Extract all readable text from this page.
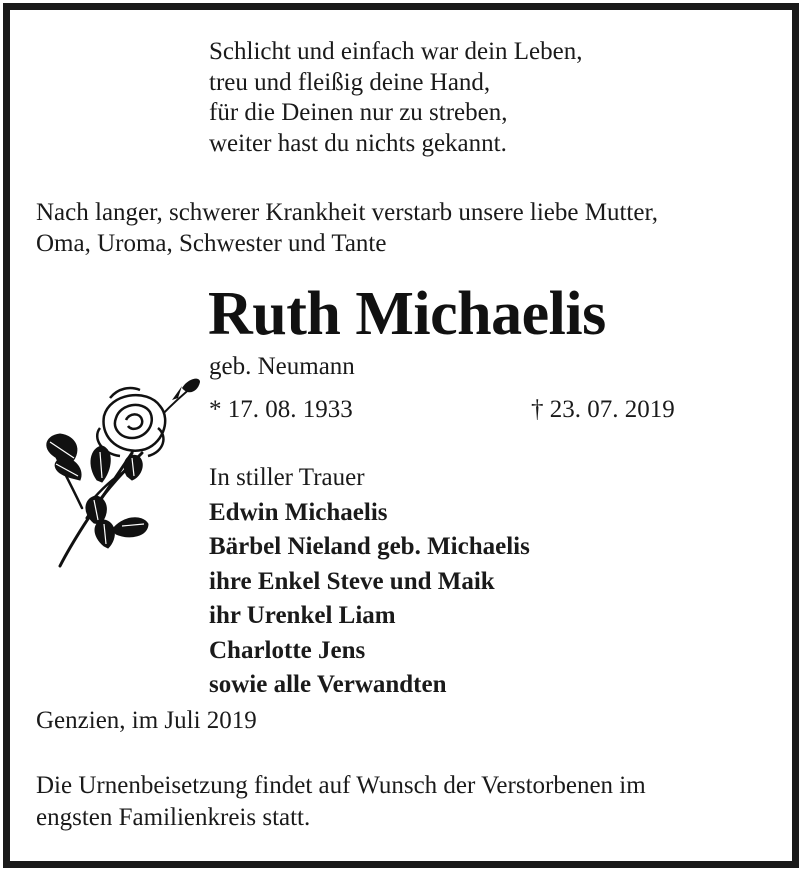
Schlicht und einfach war dein Leben,
treu und fleißig deine Hand,
für die Deinen nur zu streben,
weiter hast du nichts gekannt.
Nach langer, schwerer Krankheit verstarb unsere liebe Mutter,
Oma, Uroma, Schwester und Tante
Ruth Michaelis
geb. Neumann
* 17. 08. 1933	† 23. 07. 2019
In stiller Trauer
Edwin Michaelis
Bärbel Nieland geb. Michaelis
ihre Enkel Steve und Maik
ihr Urenkel Liam
Charlotte Jens
sowie alle Verwandten
Genzien, im Juli 2019
Die Urnenbeisetzung findet auf Wunsch der Verstorbenen im
engsten Familienkreis statt.
